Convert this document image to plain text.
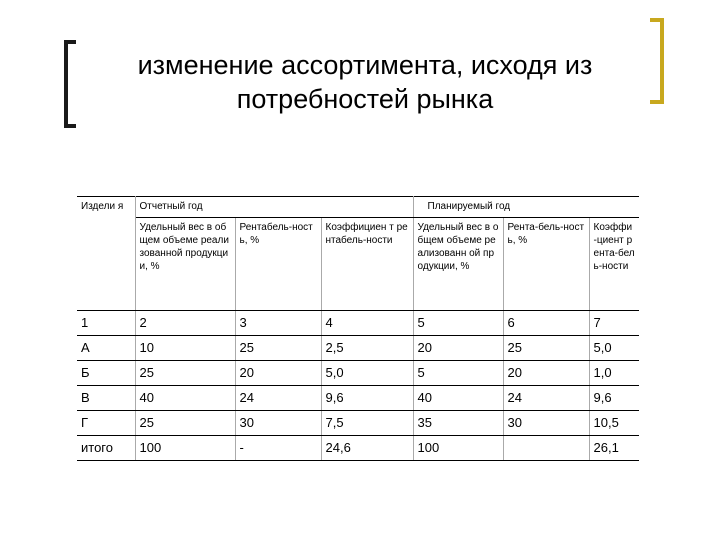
изменение ассортимента, исходя из
потребностей рынка
Издели я	Отчетный год			Планируемый год		
	Удельный вес в общем объеме реализованной продукции, %	Рентабель-ность, %	Коэффициен т рентабель-ности	Удельный вес в общем объеме реализованн ой продукции, %	Рента-бель-ность, %	Коэффи-циент рента-бель-ности
1	2	3	4	5	6	7
А	10	25	2,5	20	25	5,0
Б	25	20	5,0	5	20	1,0
В	40	24	9,6	40	24	9,6
Г	25	30	7,5	35	30	10,5
итого	100	-	24,6	100		26,1
